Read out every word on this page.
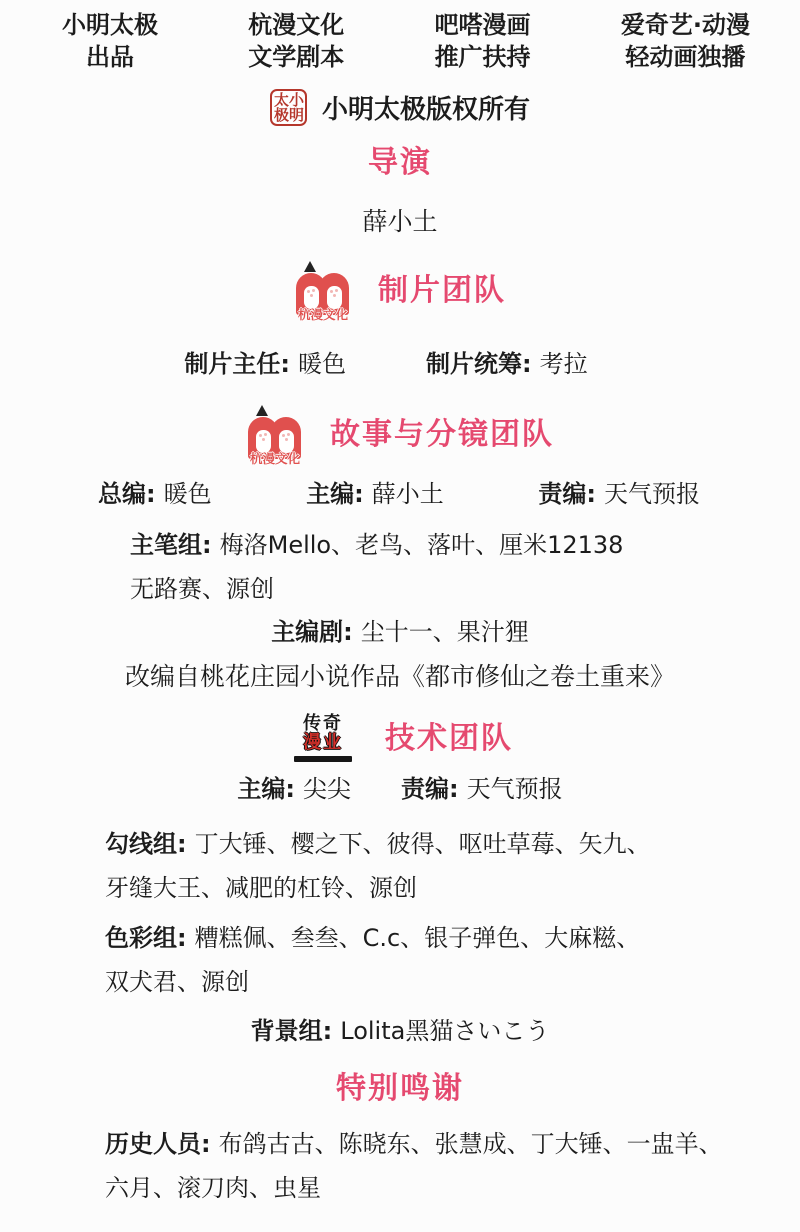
小明太极
出品
杭漫文化
文学剧本
吧嗒漫画
推广扶持
爱奇艺·动漫
轻动画独播
太 小
极 明 小明太极版权所有
导演
薛小土
杭漫文化
制片团队
制片主任: 暖色	制片统筹: 考拉
杭漫文化
故事与分镜团队
总编: 暖色	主编: 薛小土	责编: 天气预报
主笔组: 梅洛Mello、老鸟、落叶、厘米12138
无路赛、源创
主编剧: 尘十一、果汁狸
改编自桃花庄园小说作品《都市修仙之卷土重来》
传奇
漫业	技术团队
主编: 尖尖 责编: 天气预报
勾线组: 丁大锤、樱之下、彼得、呕吐草莓、矢九、
牙缝大王、减肥的杠铃、源创
色彩组: 糟糕佩、叁叁、C.c、银子弹色、大麻糍、
双犬君、源创
背景组: Lolita黑猫さいこう
特别鸣谢
历史人员: 布鸽古古、陈晓东、张慧成、丁大锤、一盅羊、
六月、滚刀肉、虫星
